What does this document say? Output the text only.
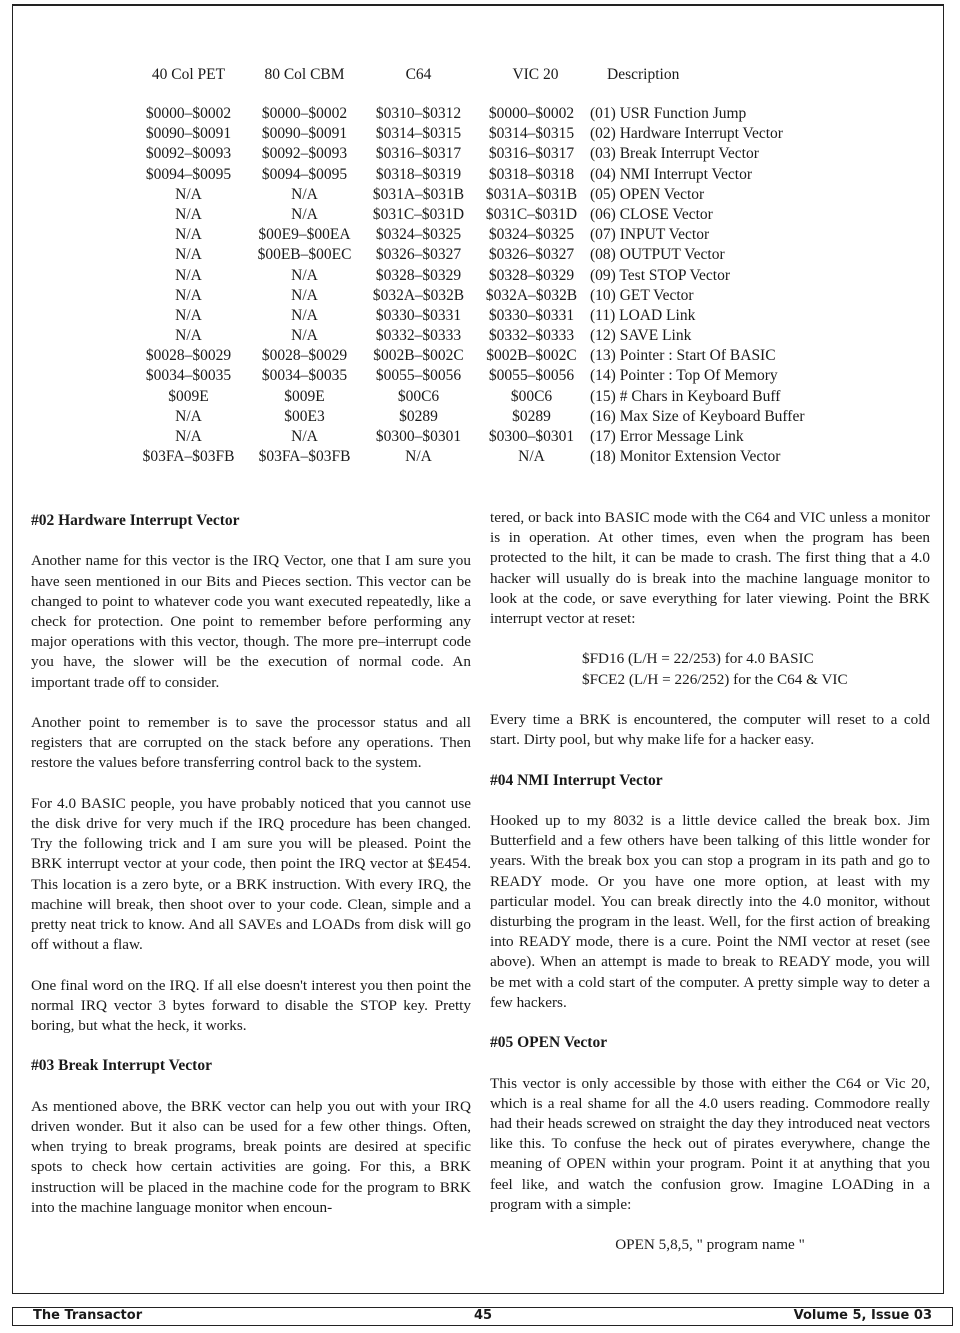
40 Col PET	80 Col CBM	C64	VIC 20	Description
$0000–$0002	$0000–$0002	$0310–$0312	$0000–$0002	(01) USR Function Jump
$0090–$0091	$0090–$0091	$0314–$0315	$0314–$0315	(02) Hardware Interrupt Vector
$0092–$0093	$0092–$0093	$0316–$0317	$0316–$0317	(03) Break Interrupt Vector
$0094–$0095	$0094–$0095	$0318–$0319	$0318–$0318	(04) NMI Interrupt Vector
N/A	N/A	$031A–$031B	$031A–$031B (05) OPEN Vector
N/A	N/A	$031C–$031D	$031C–$031D (06) CLOSE Vector
N/A	$00E9–$00EA	$0324–$0325	$0324–$0325	(07) INPUT Vector
N/A	$00EB–$00EC	$0326–$0327	$0326–$0327	(08) OUTPUT Vector
N/A	N/A	$0328–$0329	$0328–$0329	(09) Test STOP Vector
N/A	N/A	$032A–$032B	$032A–$032B (10) GET Vector
N/A	N/A	$0330–$0331	$0330–$0331	(11) LOAD Link
N/A	N/A	$0332–$0333	$0332–$0333	(12) SAVE Link
$0028–$0029	$0028–$0029	$002B–$002C	$002B–$002C (13) Pointer : Start Of BASIC
$0034–$0035	$0034–$0035	$0055–$0056	$0055–$0056	(14) Pointer : Top Of Memory
$009E	$009E	$00C6	$00C6	(15) # Chars in Keyboard Buff
N/A	$00E3	$0289	$0289	(16) Max Size of Keyboard Buffer
N/A	N/A	$0300–$0301	$0300–$0301	(17) Error Message Link
$03FA–$03FB	$03FA–$03FB	N/A	N/A	(18) Monitor Extension Vector
#02 Hardware Interrupt Vector

Another name for this vector is the IRQ Vector, one that I am sure you have seen mentioned in our Bits and Pieces section. This vector can be changed to point to whatever code you want executed repeatedly, like a check for protection. One point to remember before performing any major operations with this vector, though. The more pre–interrupt code you have, the slower will be the execution of normal code. An important trade off to consider.

Another point to remember is to save the processor status and all registers that are corrupted on the stack before any operations. Then restore the values before transferring control back to the system.

For 4.0 BASIC people, you have probably noticed that you cannot use the disk drive for very much if the IRQ procedure has been changed. Try the following trick and I am sure you will be pleased. Point the BRK interrupt vector at your code, then point the IRQ vector at $E454. This location is a zero byte, or a BRK instruction. With every IRQ, the machine will break, then shoot over to your code. Clean, simple and a pretty neat trick to know. And all SAVEs and LOADs from disk will go off without a flaw.

One final word on the IRQ. If all else doesn't interest you then point the normal IRQ vector 3 bytes forward to disable the STOP key. Pretty boring, but what the heck, it works.

#03 Break Interrupt Vector

As mentioned above, the BRK vector can help you out with your IRQ driven wonder. But it also can be used for a few other things. Often, when trying to break programs, break points are desired at specific spots to check how certain activities are going. For this, a BRK instruction will be placed in the machine code for the program to BRK into the machine language monitor when encoun-

tered, or back into BASIC mode with the C64 and VIC unless a monitor is in operation. At other times, even when the program has been protected to the hilt, it can be made to crash. The first thing that a 4.0 hacker will usually do is break into the machine language monitor to look at the code, or save everything for later viewing. Point the BRK interrupt vector at reset:

$FD16 (L/H = 22/253) for 4.0 BASIC
$FCE2 (L/H = 226/252) for the C64 & VIC

Every time a BRK is encountered, the computer will reset to a cold start. Dirty pool, but why make life for a hacker easy.

#04 NMI Interrupt Vector

Hooked up to my 8032 is a little device called the break box. Jim Butterfield and a few others have been talking of this little wonder for years. With the break box you can stop a program in its path and go to READY mode. Or you have one more option, at least with my particular model. You can break directly into the 4.0 monitor, without disturbing the program in the least. Well, for the first action of breaking into READY mode, there is a cure. Point the NMI vector at reset (see above). When an attempt is made to break to READY mode, you will be met with a cold start of the computer. A pretty simple way to deter a few hackers.

#05 OPEN Vector

This vector is only accessible by those with either the C64 or Vic 20, which is a real shame for all the 4.0 users reading. Commodore really had their heads screwed on straight the day they introduced neat vectors like this. To confuse the heck out of pirates everywhere, change the meaning of OPEN within your program. Point it at anything that you feel like, and watch the confusion grow. Imagine LOADing in a program with a simple:

OPEN 5,8,5, " program name "

The Transactor	45	Volume 5, Issue 03
